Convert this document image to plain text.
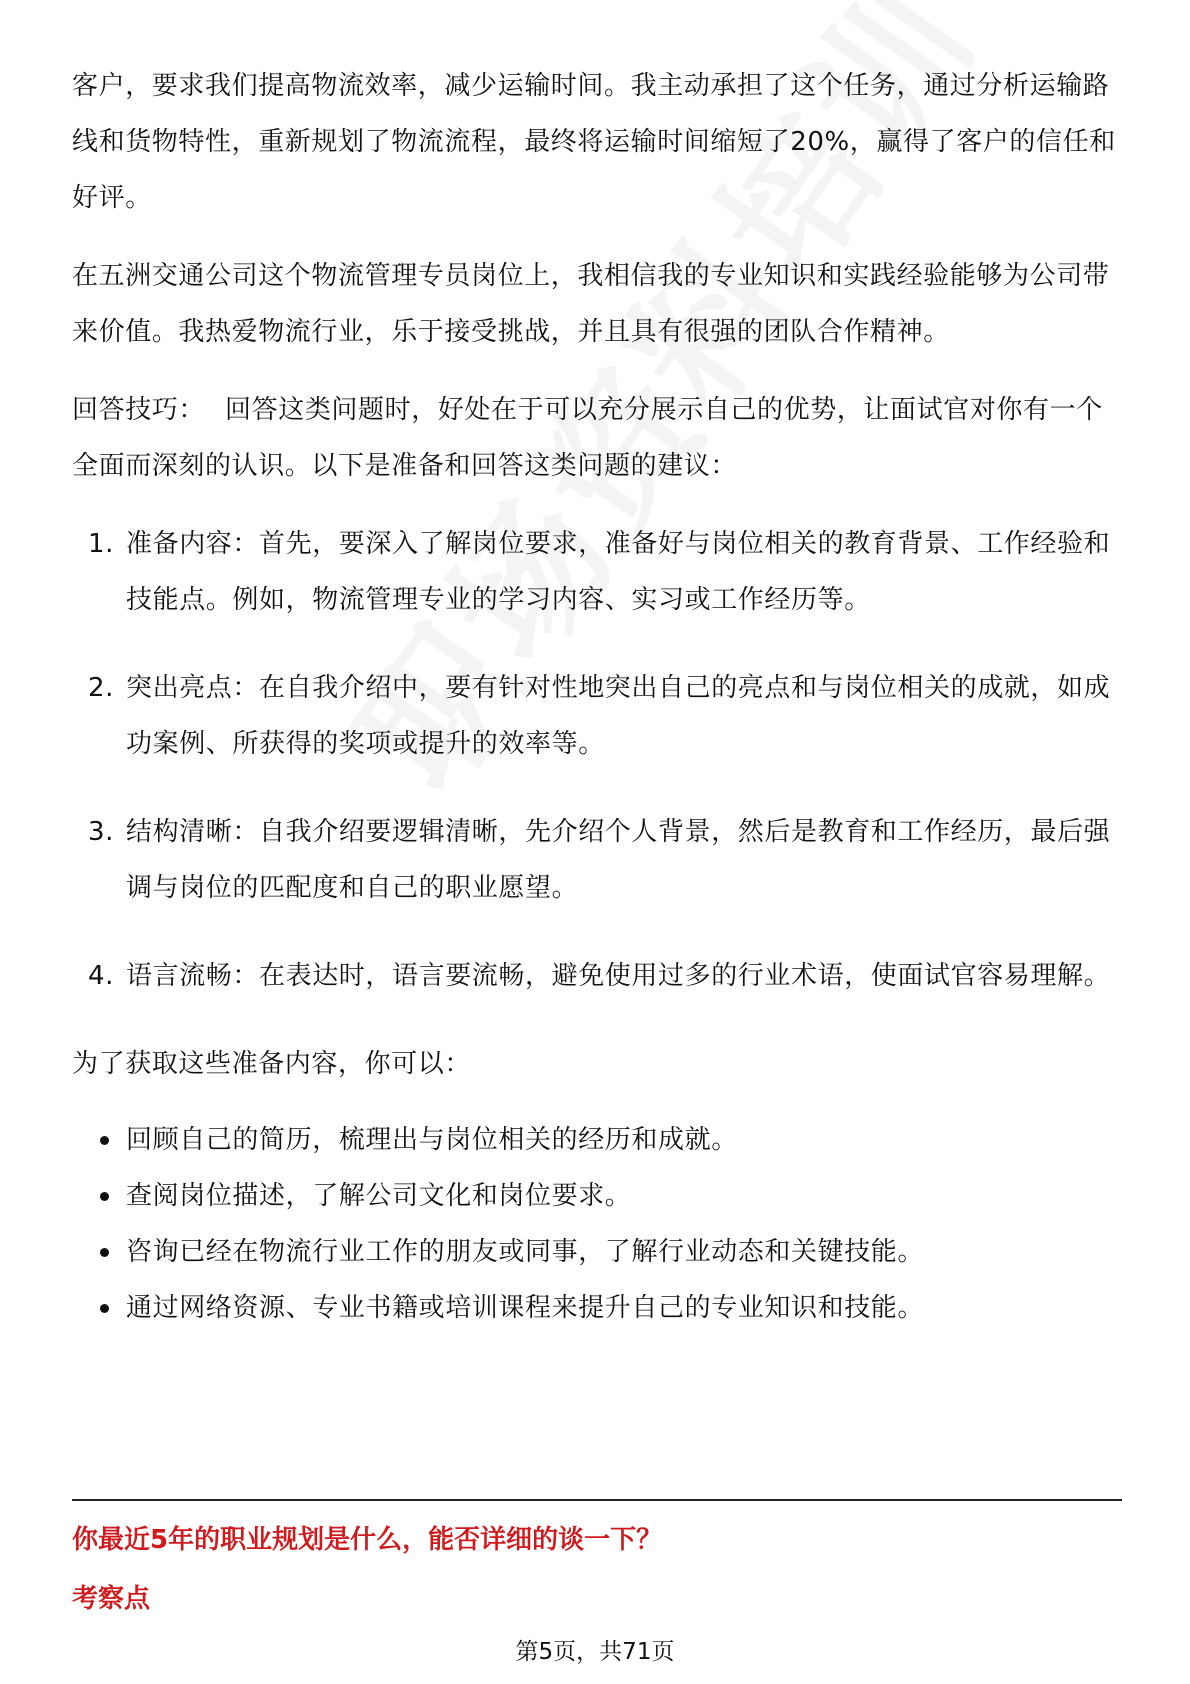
客户，要求我们提高物流效率，减少运输时间。我主动承担了这个任务，通过分析运输路线和货物特性，重新规划了物流流程，最终将运输时间缩短了20%，赢得了客户的信任和好评。

在五洲交通公司这个物流管理专员岗位上，我相信我的专业知识和实践经验能够为公司带来价值。我热爱物流行业，乐于接受挑战，并且具有很强的团队合作精神。

回答技巧： 回答这类问题时，好处在于可以充分展示自己的优势，让面试官对你有一个全面而深刻的认识。以下是准备和回答这类问题的建议：

1. 准备内容：首先，要深入了解岗位要求，准备好与岗位相关的教育背景、工作经验和技能点。例如，物流管理专业的学习内容、实习或工作经历等。
2. 突出亮点：在自我介绍中，要有针对性地突出自己的亮点和与岗位相关的成就，如成功案例、所获得的奖项或提升的效率等。
3. 结构清晰：自我介绍要逻辑清晰，先介绍个人背景，然后是教育和工作经历，最后强调与岗位的匹配度和自己的职业愿望。
4. 语言流畅：在表达时，语言要流畅，避免使用过多的行业术语，使面试官容易理解。

为了获取这些准备内容，你可以：

回顾自己的简历，梳理出与岗位相关的经历和成就。
查阅岗位描述，了解公司文化和岗位要求。
咨询已经在物流行业工作的朋友或同事，了解行业动态和关键技能。
通过网络资源、专业书籍或培训课程来提升自己的专业知识和技能。
你最近5年的职业规划是什么，能否详细的谈一下？
考察点
第5页，共71页
